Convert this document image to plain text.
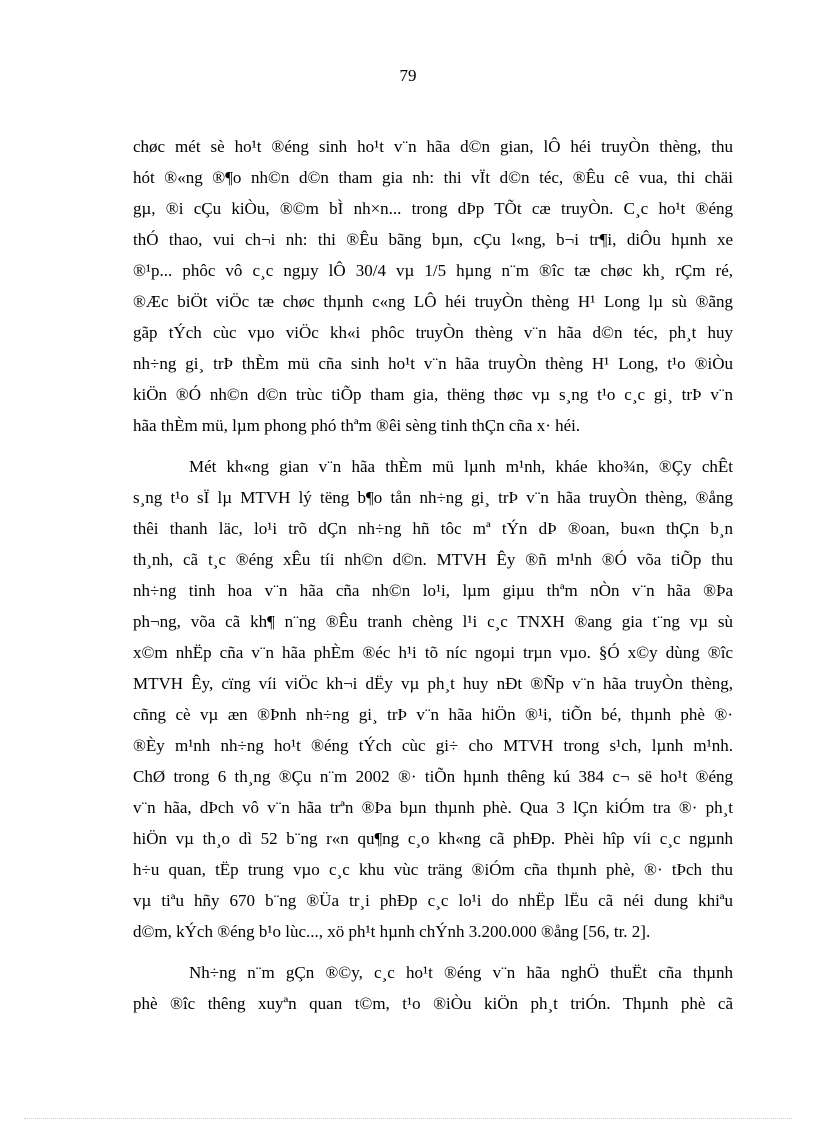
79
chøc mét sè ho¹t ®éng sinh ho¹t v¨n hãa d©n gian, lÔ héi truyÒn thèng, thu
hót ®«ng ®¶o nh©n d©n tham gia nh: thi vÏt d©n téc, ®Êu cê vua, thi chäi
gµ, ®i cÇu kiÒu, ®©m bÌ nh×n... trong dÞp TÕt cæ truyÒn. C¸c ho¹t ®éng
thÓ thao, vui ch¬i nh: thi ®Êu bãng bµn, cÇu l«ng, b¬i tr¶i, diÔu hµnh xe
®¹p... phôc vô c¸c ngµy lÔ 30/4 vµ 1/5 hµng n¨m ®îc tæ chøc kh¸ rÇm ré,
®Æc biÖt viÖc tæ chøc thµnh c«ng LÔ héi truyÒn thèng H¹ Long lµ sù ®ãng
gãp tÝch cùc vµo viÖc kh«i phôc truyÒn thèng v¨n hãa d©n téc, ph¸t huy
nh÷ng gi¸ trÞ thÈm mü cña sinh ho¹t v¨n hãa truyÒn thèng H¹ Long, t¹o ®iÒu
kiÖn ®Ó nh©n d©n trùc tiÕp tham gia, thëng thøc vµ s¸ng t¹o c¸c gi¸ trÞ v¨n
hãa thÈm mü, lµm phong phó thªm ®êi sèng tinh thÇn cña x· héi.
Mét kh«ng gian v¨n hãa thÈm mü lµnh m¹nh, kháe kho¾n, ®Çy chÊt
s¸ng t¹o sÏ lµ MTVH lý tëng b¶o tån nh÷ng gi¸ trÞ v¨n hãa truyÒn thèng, ®ång
thêi thanh läc, lo¹i trõ dÇn nh÷ng hñ tôc mª tÝn dÞ ®oan, bu«n thÇn b¸n
th¸nh, cã t¸c ®éng xÊu tíi nh©n d©n. MTVH Êy ®ñ m¹nh ®Ó võa tiÕp thu
nh÷ng tinh hoa v¨n hãa cña nh©n lo¹i, lµm giµu thªm nÒn v¨n hãa ®Þa
ph¬ng, võa cã kh¶ n¨ng ®Êu tranh chèng l¹i c¸c TNXH ®ang gia t¨ng vµ sù
x©m nhËp cña v¨n hãa phÈm ®éc h¹i tõ níc ngoµi trµn vµo. §Ó x©y dùng ®îc
MTVH Êy, cïng víi viÖc kh¬i dËy vµ ph¸t huy nÐt ®Ñp v¨n hãa truyÒn thèng,
cñng cè vµ æn ®Þnh nh÷ng gi¸ trÞ v¨n hãa hiÖn ®¹i, tiÕn bé, thµnh phè ®·
®Èy m¹nh nh÷ng ho¹t ®éng tÝch cùc gi÷ cho MTVH trong s¹ch, lµnh m¹nh.
ChØ trong 6 th¸ng ®Çu n¨m 2002 ®· tiÕn hµnh thêng kú 384 c¬ së ho¹t ®éng
v¨n hãa, dÞch vô v¨n hãa trªn ®Þa bµn thµnh phè. Qua 3 lÇn kiÓm tra ®· ph¸t
hiÖn vµ th¸o dì 52 b¨ng r«n qu¶ng c¸o kh«ng cã phÐp. Phèi hîp víi c¸c ngµnh
h÷u quan, tËp trung vµo c¸c khu vùc träng ®iÓm cña thµnh phè, ®· tÞch thu
vµ tiªu hñy 670 b¨ng ®Üa tr¸i phÐp c¸c lo¹i do nhËp lËu cã néi dung khiªu
d©m, kÝch ®éng b¹o lùc..., xö ph¹t hµnh chÝnh 3.200.000 ®ång [56, tr. 2].
Nh÷ng n¨m gÇn ®©y, c¸c ho¹t ®éng v¨n hãa nghÖ thuËt cña thµnh
phè ®îc thêng xuyªn quan t©m, t¹o ®iÒu kiÖn ph¸t triÓn. Thµnh phè cã
